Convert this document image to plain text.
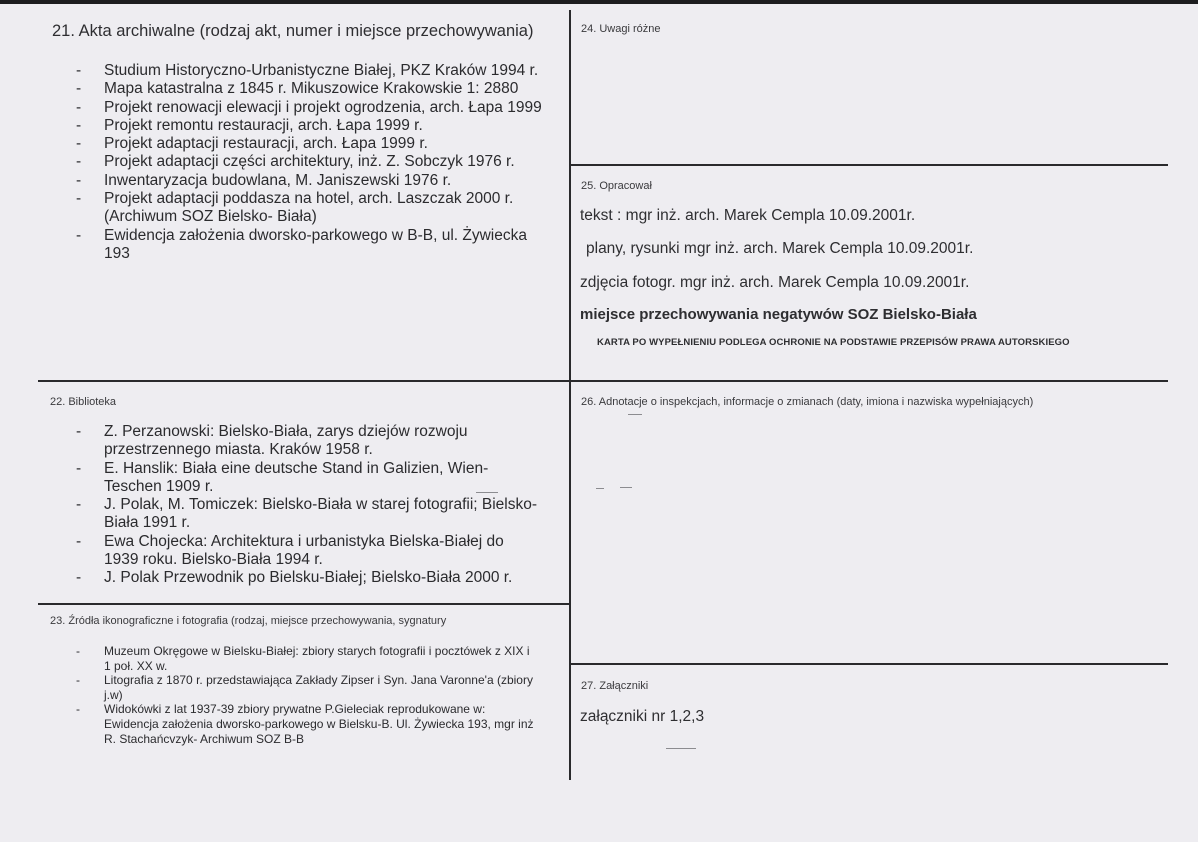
21. Akta archiwalne (rodzaj akt, numer i miejsce przechowywania)
- Studium Historyczno-Urbanistyczne Białej, PKZ Kraków 1994 r.
- Mapa katastralna z 1845 r. Mikuszowice Krakowskie 1: 2880
- Projekt renowacji elewacji i projekt ogrodzenia, arch. Łapa 1999
- Projekt remontu restauracji, arch. Łapa 1999 r.
- Projekt adaptacji restauracji, arch. Łapa 1999 r.
- Projekt adaptacji części architektury, inż. Z. Sobczyk 1976 r.
- Inwentaryzacja budowlana, M. Janiszewski 1976 r.
- Projekt adaptacji poddasza na hotel, arch. Laszczak 2000 r. (Archiwum SOZ Bielsko- Biała)
- Ewidencja założenia dworsko-parkowego w B-B, ul. Żywiecka 193
22. Biblioteka
- Z. Perzanowski: Bielsko-Biała, zarys dziejów rozwoju przestrzennego miasta. Kraków 1958 r.
- E. Hanslik: Biała eine deutsche Stand in Galizien, Wien-Teschen 1909 r.
- J. Polak, M. Tomiczek: Bielsko-Biała w starej fotografii; Bielsko-Biała 1991 r.
- Ewa Chojecka: Architektura i urbanistyka Bielska-Białej do 1939 roku. Bielsko-Biała 1994 r.
- J. Polak Przewodnik po Bielsku-Białej; Bielsko-Biała 2000 r.
23. Źródła ikonograficzne i fotografia (rodzaj, miejsce przechowywania, sygnatury
- Muzeum Okręgowe w Bielsku-Białej: zbiory starych fotografii i pocztówek z XIX i 1 poł. XX w.
- Litografia z 1870 r. przedstawiająca Zakłady Zipser i Syn. Jana Varonne'a (zbiory j.w)
- Widokówki z lat 1937-39 zbiory prywatne P.Gieleciak reprodukowane w: Ewidencja założenia dworsko-parkowego w Bielsku-B. Ul. Żywiecka 193, mgr inż R. Stachańcvzyk- Archiwum SOZ B-B
24. Uwagi różne
25. Opracował
tekst : mgr inż. arch. Marek Cempla 10.09.2001r.
plany, rysunki mgr inż. arch. Marek Cempla 10.09.2001r.
zdjęcia fotogr. mgr inż. arch. Marek Cempla 10.09.2001r.
miejsce przechowywania negatywów SOZ Bielsko-Biała
KARTA PO WYPEŁNIENIU PODLEGA OCHRONIE NA PODSTAWIE PRZEPISÓW PRAWA AUTORSKIEGO
26. Adnotacje o inspekcjach, informacje o zmianach (daty, imiona i nazwiska wypełniających)
27. Załączniki
załączniki nr 1,2,3
